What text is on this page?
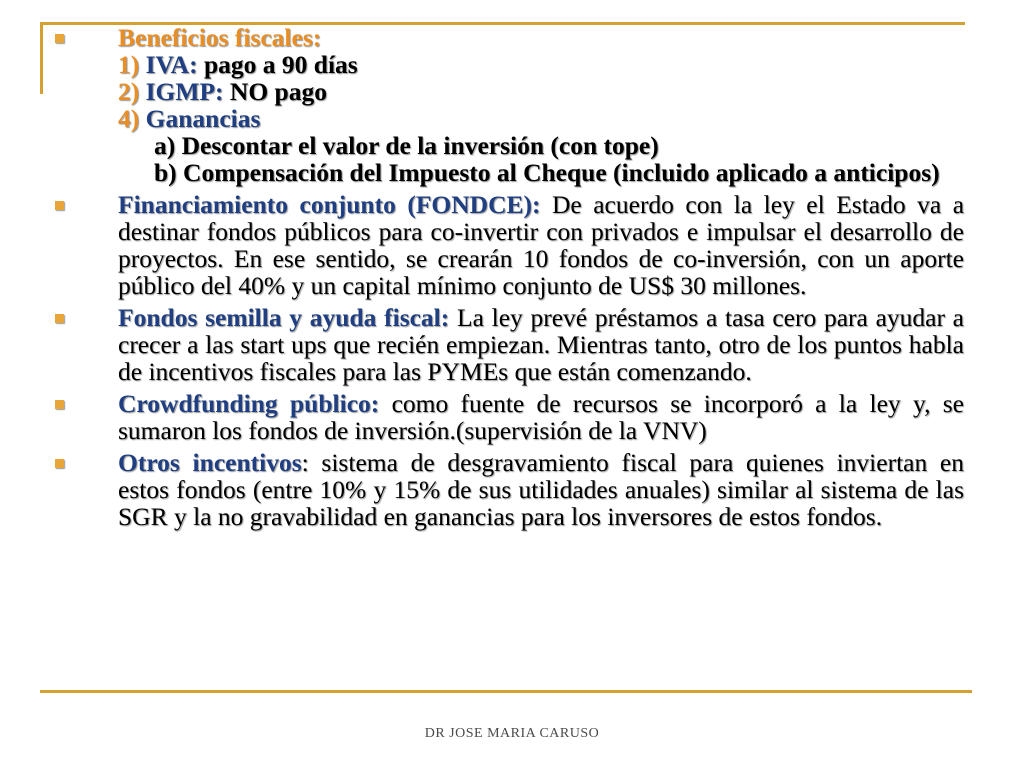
Beneficios fiscales:
1) IVA: pago a 90 días
2) IGMP: NO pago
4) Ganancias
a) Descontar el valor de la inversión (con tope)
b) Compensación del Impuesto al Cheque (incluido aplicado a anticipos)
Financiamiento conjunto (FONDCE): De acuerdo con la ley el Estado va a destinar fondos públicos para co-invertir con privados e impulsar el desarrollo de proyectos. En ese sentido, se crearán 10 fondos de co-inversión, con un aporte público del 40% y un capital mínimo conjunto de US$ 30 millones.
Fondos semilla y ayuda fiscal: La ley prevé préstamos a tasa cero para ayudar a crecer a las start ups que recién empiezan. Mientras tanto, otro de los puntos habla de incentivos fiscales para las PYMEs que están comenzando.
Crowdfunding público: como fuente de recursos se incorporó a la ley y, se sumaron los fondos de inversión.(supervisión de la VNV)
Otros incentivos: sistema de desgravamiento fiscal para quienes inviertan en estos fondos (entre 10% y 15% de sus utilidades anuales) similar al sistema de las SGR y la no gravabilidad en ganancias para los inversores de estos fondos.
DR JOSE MARIA CARUSO
